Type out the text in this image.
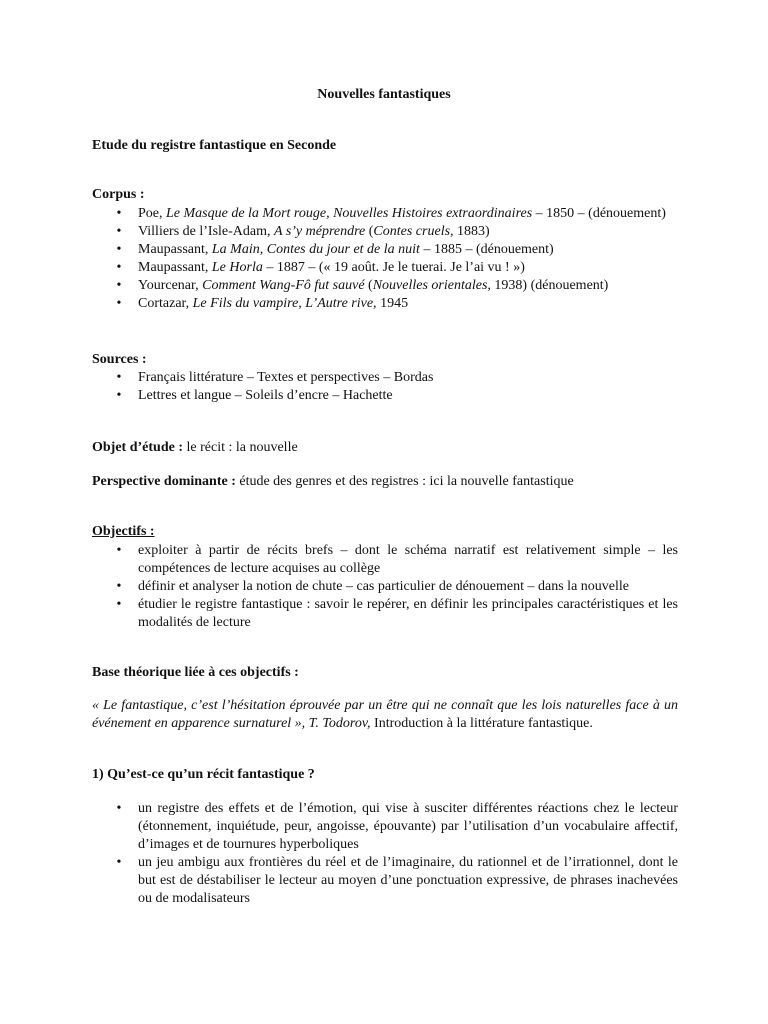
Nouvelles fantastiques

Etude du registre fantastique en Seconde

Corpus :

• Poe, Le Masque de la Mort rouge, Nouvelles Histoires extraordinaires – 1850 – (dénouement)
• Villiers de l’Isle-Adam, A s’y méprendre (Contes cruels, 1883)
• Maupassant, La Main, Contes du jour et de la nuit – 1885 – (dénouement)
• Maupassant, Le Horla – 1887 – (« 19 août. Je le tuerai. Je l’ai vu ! »)
• Yourcenar, Comment Wang-Fô fut sauvé (Nouvelles orientales, 1938) (dénouement)
• Cortazar, Le Fils du vampire, L’Autre rive, 1945

Sources :

• Français littérature – Textes et perspectives – Bordas
• Lettres et langue – Soleils d’encre – Hachette

Objet d’étude : le récit : la nouvelle

Perspective dominante : étude des genres et des registres : ici la nouvelle fantastique

Objectifs :

• exploiter à partir de récits brefs – dont le schéma narratif est relativement simple – les compétences de lecture acquises au collège
• définir et analyser la notion de chute – cas particulier de dénouement – dans la nouvelle
• étudier le registre fantastique : savoir le repérer, en définir les principales caractéristiques et les modalités de lecture

Base théorique liée à ces objectifs :

« Le fantastique, c’est l’hésitation éprouvée par un être qui ne connaît que les lois naturelles face à un événement en apparence surnaturel », T. Todorov, Introduction à la littérature fantastique.

1) Qu’est-ce qu’un récit fantastique ?

• un registre des effets et de l’émotion, qui vise à susciter différentes réactions chez le lecteur (étonnement, inquiétude, peur, angoisse, épouvante) par l’utilisation d’un vocabulaire affectif, d’images et de tournures hyperboliques
• un jeu ambigu aux frontières du réel et de l’imaginaire, du rationnel et de l’irrationnel, dont le but est de déstabiliser le lecteur au moyen d’une ponctuation expressive, de phrases inachevées ou de modalisateurs
